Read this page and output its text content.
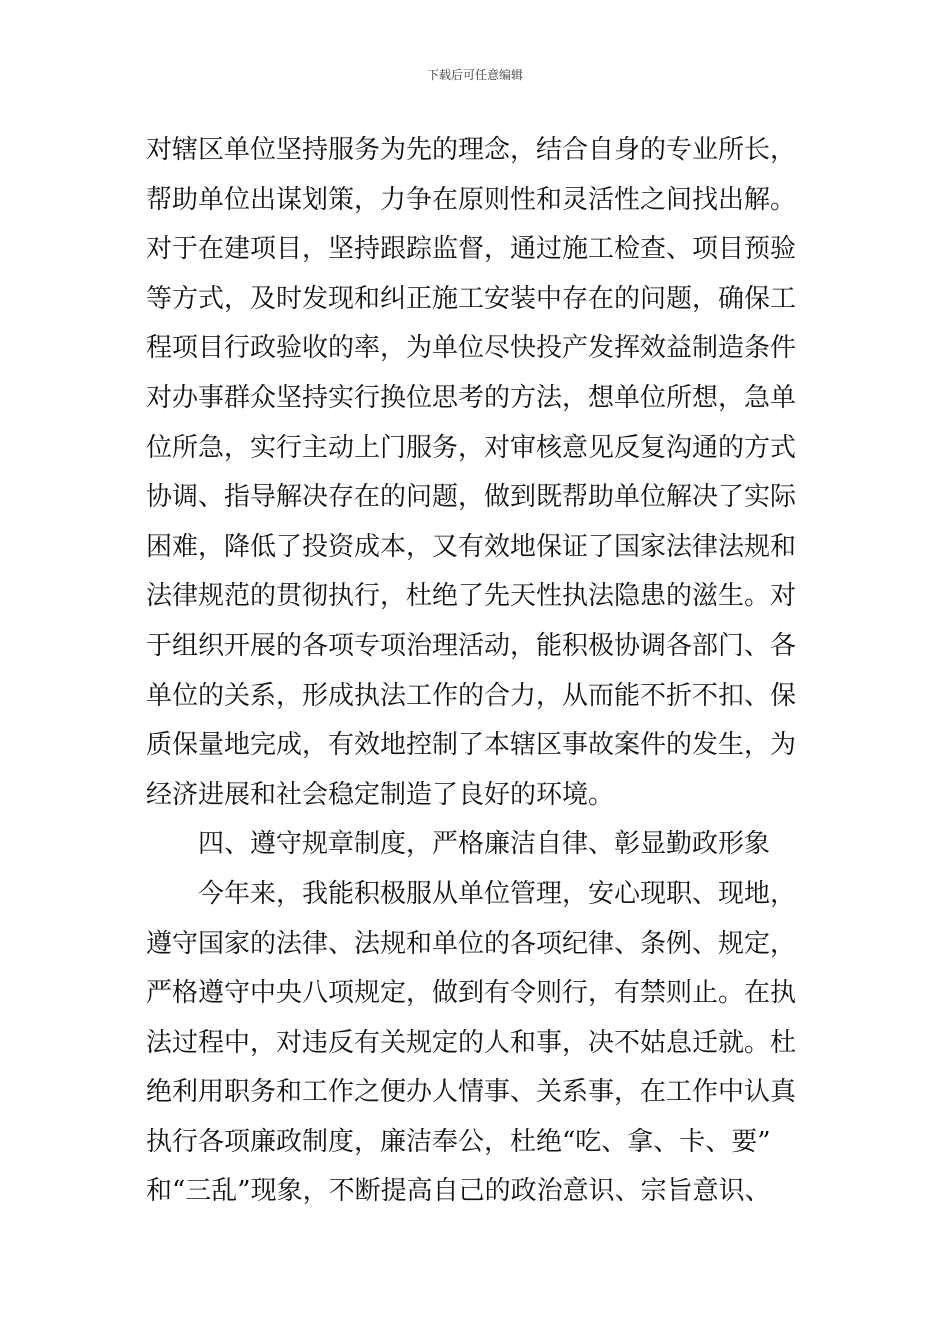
下载后可任意编辑
对辖区单位坚持服务为先的理念，结合自身的专业所长，
帮助单位出谋划策，力争在原则性和灵活性之间找出解。
对于在建项目，坚持跟踪监督，通过施工检查、项目预验
等方式，及时发现和纠正施工安装中存在的问题，确保工
程项目行政验收的率，为单位尽快投产发挥效益制造条件
对办事群众坚持实行换位思考的方法，想单位所想，急单
位所急，实行主动上门服务，对审核意见反复沟通的方式
协调、指导解决存在的问题，做到既帮助单位解决了实际
困难，降低了投资成本，又有效地保证了国家法律法规和
法律规范的贯彻执行，杜绝了先天性执法隐患的滋生。对
于组织开展的各项专项治理活动，能积极协调各部门、各
单位的关系，形成执法工作的合力，从而能不折不扣、保
质保量地完成，有效地控制了本辖区事故案件的发生，为
经济进展和社会稳定制造了良好的环境。
四、遵守规章制度，严格廉洁自律、彰显勤政形象
今年来，我能积极服从单位管理，安心现职、现地，
遵守国家的法律、法规和单位的各项纪律、条例、规定，
严格遵守中央八项规定，做到有令则行，有禁则止。在执
法过程中，对违反有关规定的人和事，决不姑息迁就。杜
绝利用职务和工作之便办人情事、关系事，在工作中认真
执行各项廉政制度，廉洁奉公，杜绝“吃、拿、卡、要”
和“三乱”现象，不断提高自己的政治意识、宗旨意识、
